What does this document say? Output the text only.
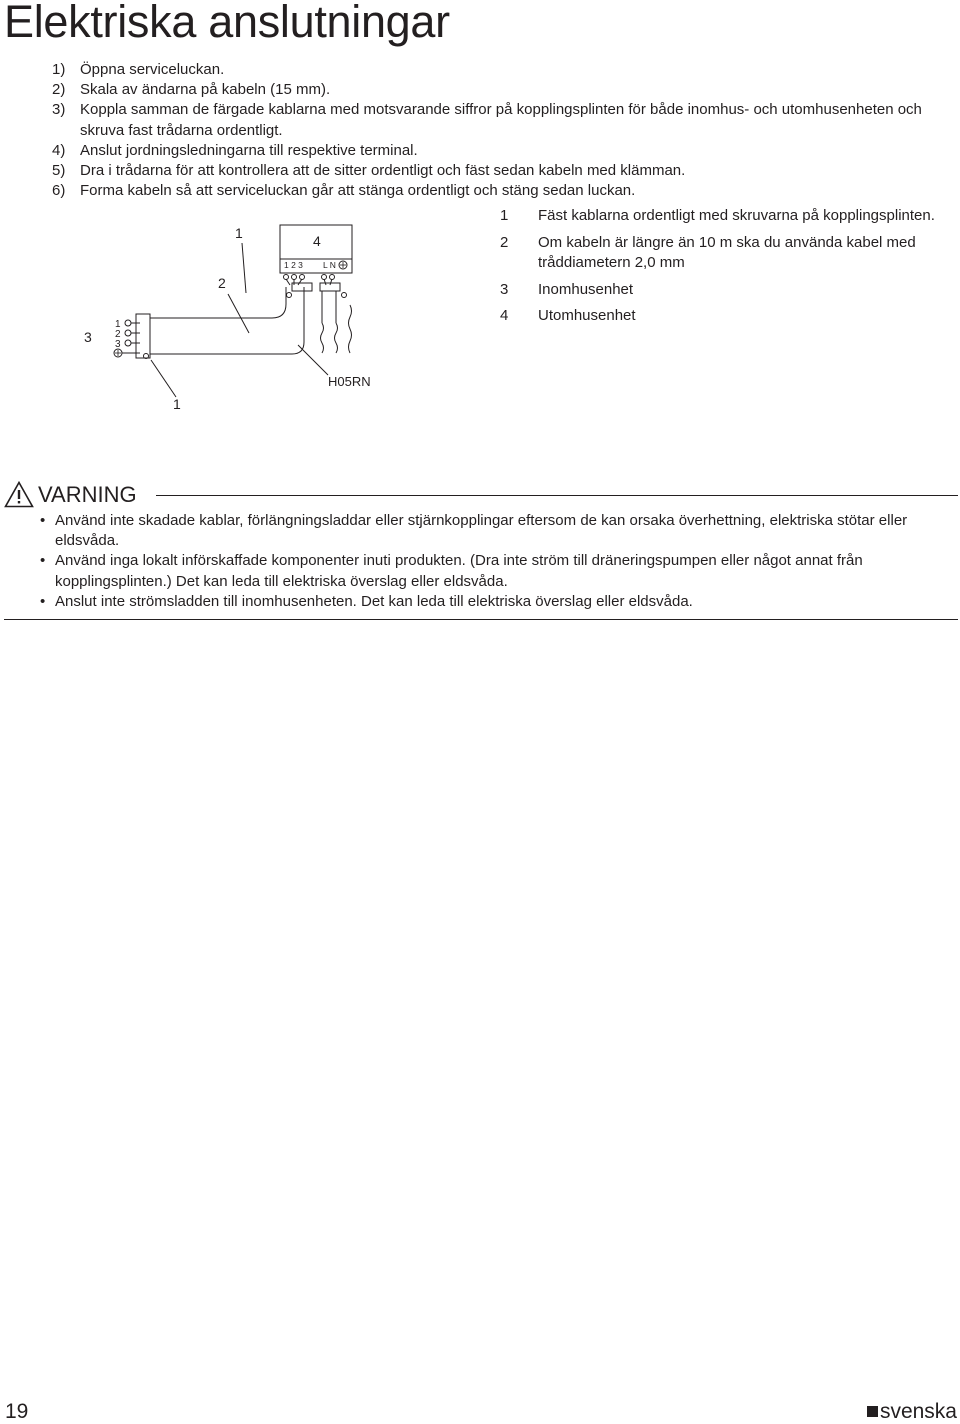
Elektriska anslutningar
1) Öppna serviceluckan.
2) Skala av ändarna på kabeln (15 mm).
3) Koppla samman de färgade kablarna med motsvarande siffror på kopplingsplinten för både inomhus- och utomhusenheten och skruva fast trådarna ordentligt.
4) Anslut jordningsledningarna till respektive terminal.
5) Dra i trådarna för att kontrollera att de sitter ordentligt och fäst sedan kabeln med klämman.
6) Forma kabeln så att serviceluckan går att stänga ordentligt och stäng sedan luckan.
1	4
2
3
1
H05RN
1
2
3
1 2 3 L N
1 Fäst kablarna ordentligt med skruvarna på kopplingsplinten.
2 Om kabeln är längre än 10 m ska du använda kabel med tråddiametern 2,0 mm
3 Inomhusenhet
4 Utomhusenhet
VARNING
• Använd inte skadade kablar, förlängningsladdar eller stjärnkopplingar eftersom de kan orsaka överhettning, elektriska stötar eller eldsvåda.
• Använd inga lokalt införskaffade komponenter inuti produkten. (Dra inte ström till dräneringspumpen eller något annat från kopplingsplinten.) Det kan leda till elektriska överslag eller eldsvåda.
• Anslut inte strömsladden till inomhusenheten. Det kan leda till elektriska överslag eller eldsvåda.
19	svenska
